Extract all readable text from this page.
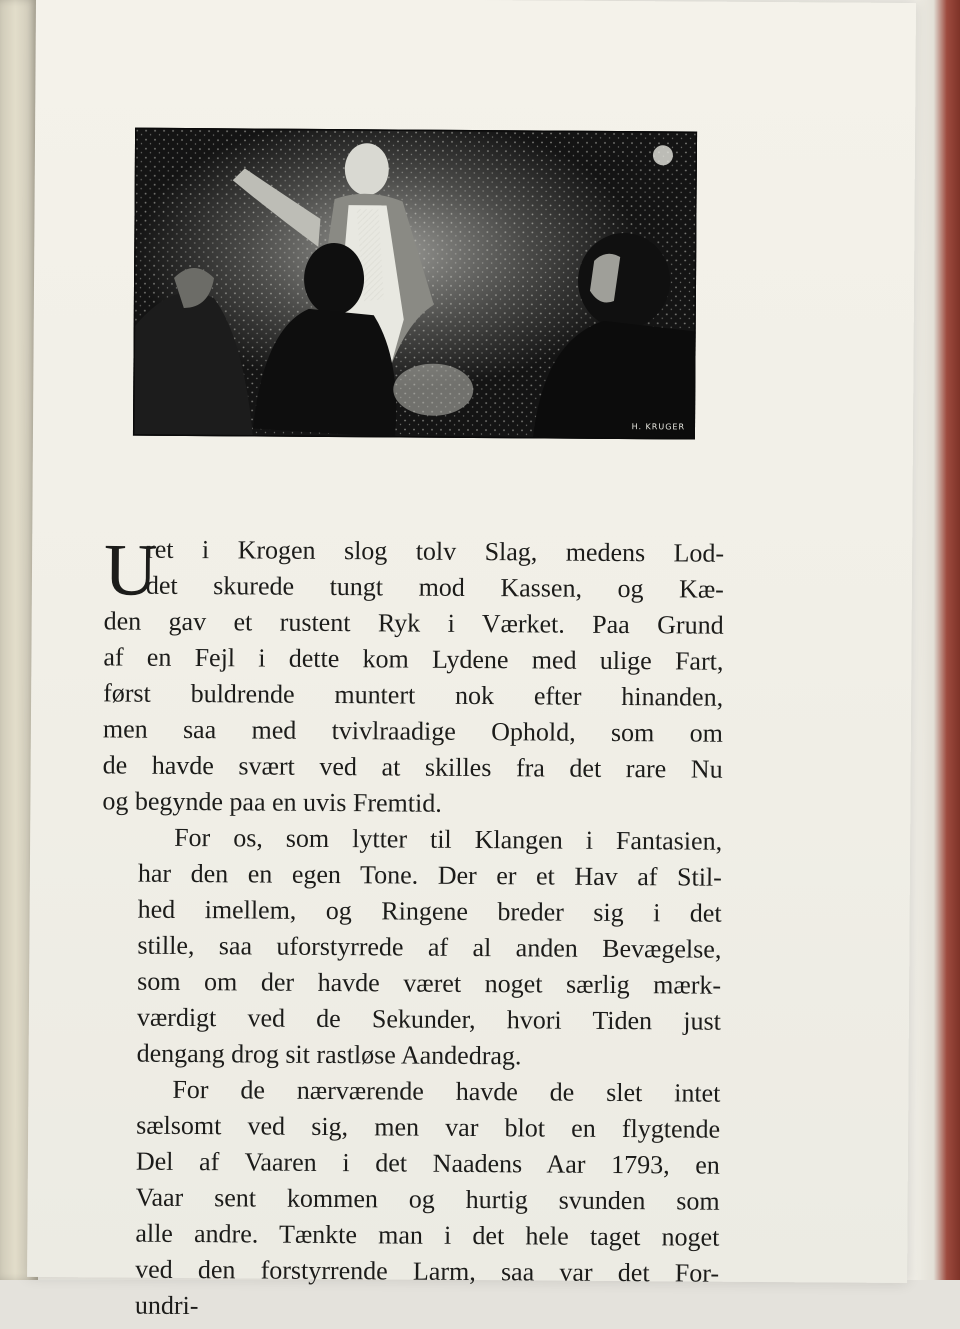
H. KRUGER
U

ret i Krogen slog tolv Slag, medens Lod-
det skurede tungt mod Kassen, og Kæ-
den gav et rustent Ryk i Værket. Paa Grund
af en Fejl i dette kom Lydene med ulige Fart,
først buldrende muntert nok efter hinanden,
men saa med tvivlraadige Ophold, som om
de havde svært ved at skilles fra det rare Nu
og begynde paa en uvis Fremtid.

For os, som lytter til Klangen i Fantasien,
har den en egen Tone. Der er et Hav af Stil-
hed imellem, og Ringene breder sig i det
stille, saa uforstyrrede af al anden Bevægelse,
som om der havde været noget særlig mærk-
værdigt ved de Sekunder, hvori Tiden just
dengang drog sit rastløse Aandedrag.

For de nærværende havde de slet intet
sælsomt ved sig, men var blot en flygtende
Del af Vaaren i det Naadens Aar 1793, en
Vaar sent kommen og hurtig svunden som
alle andre. Tænkte man i det hele taget noget
ved den forstyrrende Larm, saa var det For-
undri-
